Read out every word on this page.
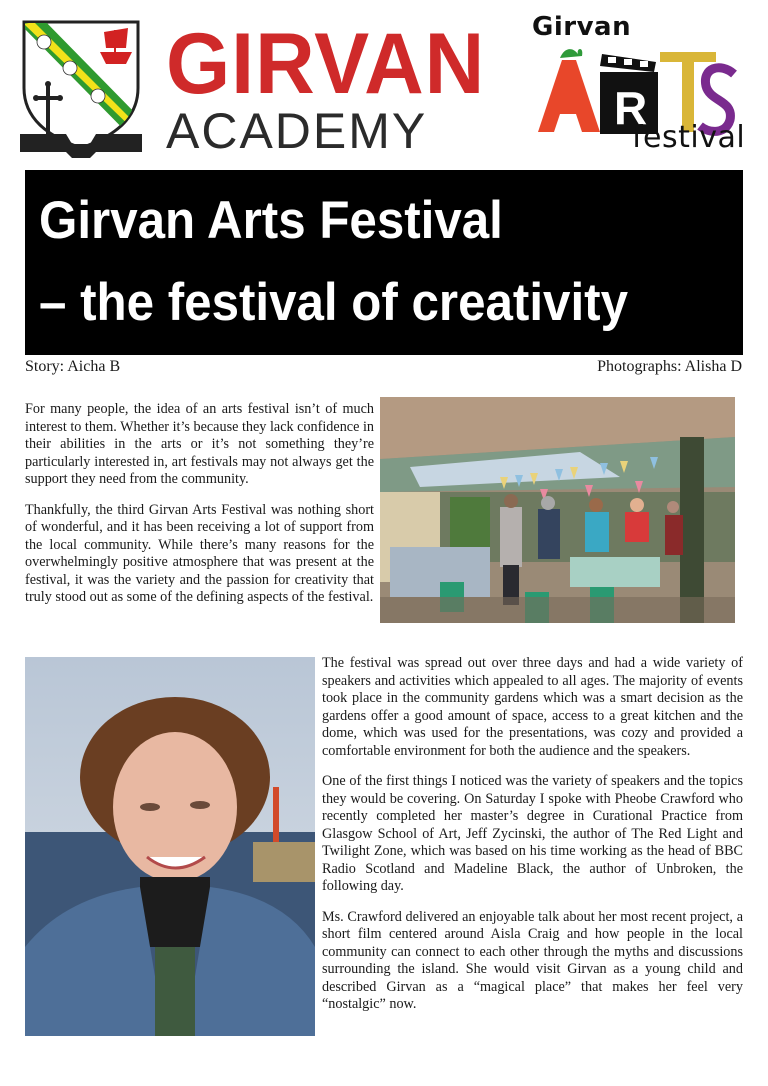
GIRVAN
ACADEMY	R
Girvan
festival
Girvan Arts Festival
– the festival of creativity
Story: Aicha B	Photographs: Alisha D

For many people, the idea of an arts festival isn’t of much interest to them. Whether it’s because they lack confidence in their abilities in the arts or it’s not something they’re particularly interested in, art festivals may not always get the support they need from the community.

Thankfully, the third Girvan Arts Festival was nothing short of wonderful, and it has been receiving a lot of support from the local community. While there’s many reasons for the overwhelmingly positive atmosphere that was present at the festival, it was the variety and the passion for creativity that truly stood out as some of the defining aspects of the festival.

The festival was spread out over three days and had a wide variety of speakers and activities which appealed to all ages. The majority of events took place in the community gardens which was a smart decision as the gardens offer a good amount of space, access to a great kitchen and the dome, which was used for the presentations, was cozy and provided a comfortable environment for both the audience and the speakers.

One of the first things I noticed was the variety of speakers and the topics they would be covering. On Saturday I spoke with Pheobe Crawford who recently completed her master’s degree in Curational Practice from Glasgow School of Art, Jeff Zycinski, the author of The Red Light and Twilight Zone, which was based on his time working as the head of BBC Radio Scotland and Madeline Black, the author of Unbroken, the following day.

Ms. Crawford delivered an enjoyable talk about her most recent project, a short film centered around Aisla Craig and how people in the local community can connect to each other through the myths and discussions surrounding the island. She would visit Girvan as a young child and described Girvan as a “magical place” that makes her feel very “nostalgic” now.
